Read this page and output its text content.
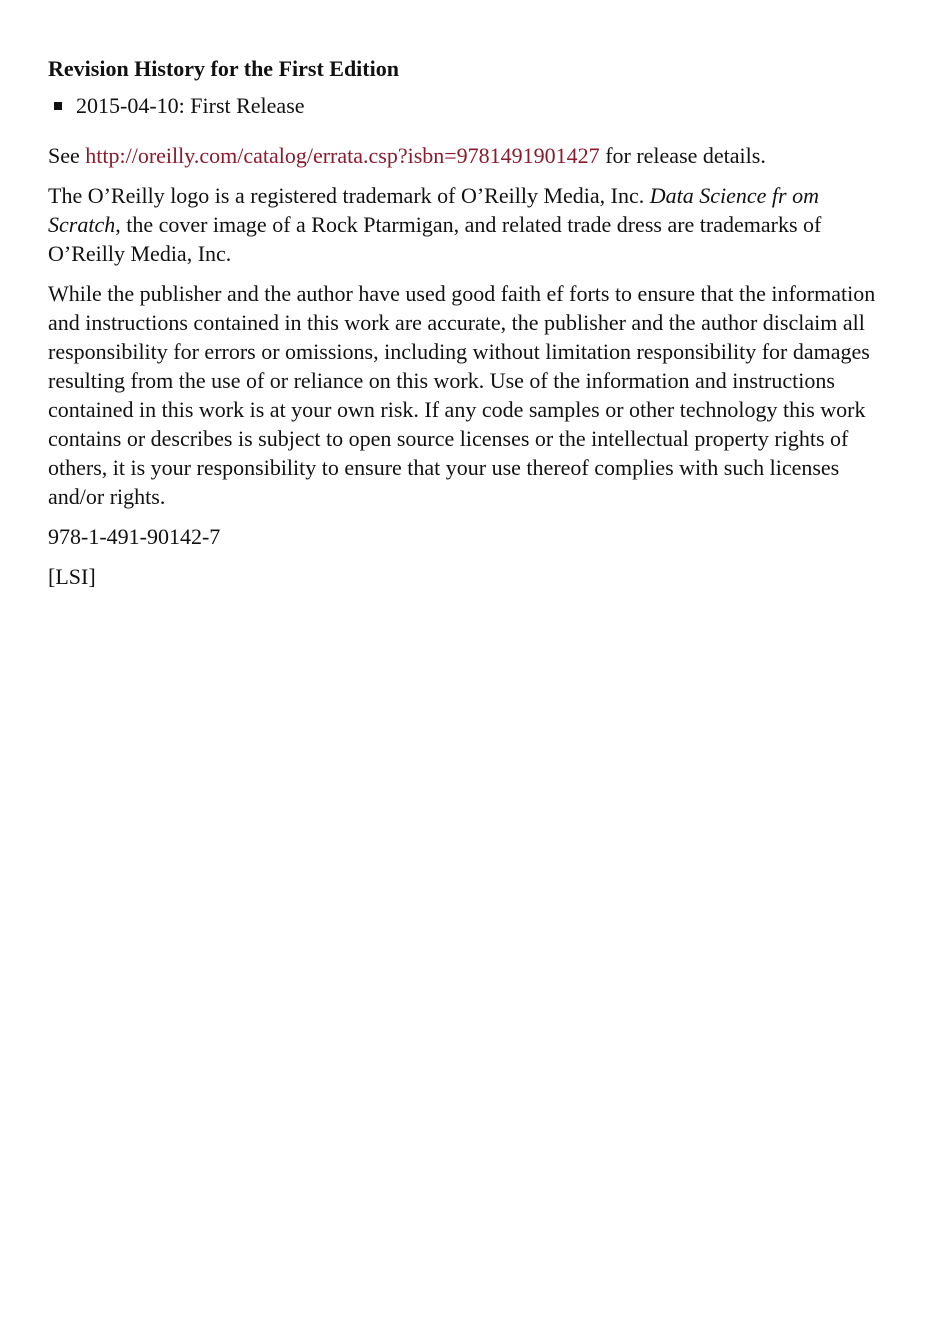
Revision History for the First Edition
2015-04-10: First Release

See http://oreilly.com/catalog/errata.csp?isbn=9781491901427 for release details.

The O’Reilly logo is a registered trademark of O’Reilly Media, Inc. Data Science fr om Scratch, the cover image of a Rock Ptarmigan, and related trade dress are trademarks of O’Reilly Media, Inc.

While the publisher and the author have used good faith ef forts to ensure that the information and instructions contained in this work are accurate, the publisher and the author disclaim all responsibility for errors or omissions, including without limitation responsibility for damages resulting from the use of or reliance on this work. Use of the information and instructions contained in this work is at your own risk. If any code samples or other technology this work contains or describes is subject to open source licenses or the intellectual property rights of others, it is your responsibility to ensure that your use thereof complies with such licenses and/or rights.

978-1-491-90142-7

[LSI]
